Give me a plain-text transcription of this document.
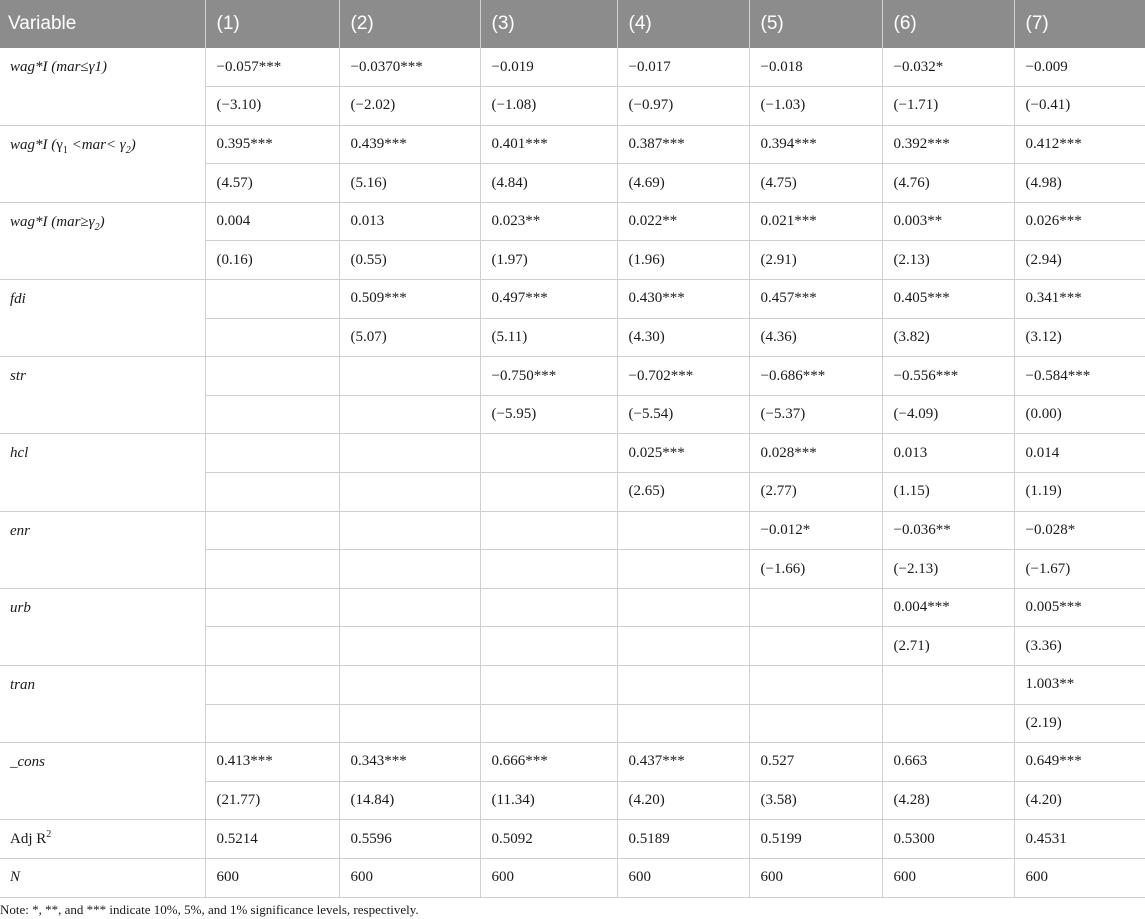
Variable	(1)	(2)	(3)	(4)	(5)	(6)	(7)
wag*I (mar≤γ1)	−0.057***	−0.0370***	−0.019	−0.017	−0.018	−0.032*	−0.009
	(−3.10)	(−2.02)	(−1.08)	(−0.97)	(−1.03)	(−1.71)	(−0.41)
wag*I $(\gamma_1 <mar< \gamma_2)$	0.395***	0.439***	0.401***	0.387***	0.394***	0.392***	0.412***
	(4.57)	(5.16)	(4.84)	(4.69)	(4.75)	(4.76)	(4.98)
wag*I $(mar\ge\gamma_2)$	0.004	0.013	0.023**	0.022**	0.021***	0.003**	0.026***
	(0.16)	(0.55)	(1.97)	(1.96)	(2.91)	(2.13)	(2.94)
fdi		0.509***	0.497***	0.430***	0.457***	0.405***	0.341***
		(5.07)	(5.11)	(4.30)	(4.36)	(3.82)	(3.12)
str			−0.750***	−0.702***	−0.686***	−0.556***	−0.584***
			(−5.95)	(−5.54)	(−5.37)	(−4.09)	(0.00)
hcl				0.025***	0.028***	0.013	0.014
				(2.65)	(2.77)	(1.15)	(1.19)
enr					−0.012*	−0.036**	−0.028*
					(−1.66)	(−2.13)	(−1.67)
urb						0.004***	0.005***
						(2.71)	(3.36)
tran							1.003**
							(2.19)
_cons	0.413***	0.343***	0.666***	0.437***	0.527	0.663	0.649***
	(21.77)	(14.84)	(11.34)	(4.20)	(3.58)	(4.28)	(4.20)
Adj $R^2$	0.5214	0.5596	0.5092	0.5189	0.5199	0.5300	0.4531
N	600	600	600	600	600	600	600
Note: *, **, and *** indicate 10%, 5%, and 1% significance levels, respectively.
